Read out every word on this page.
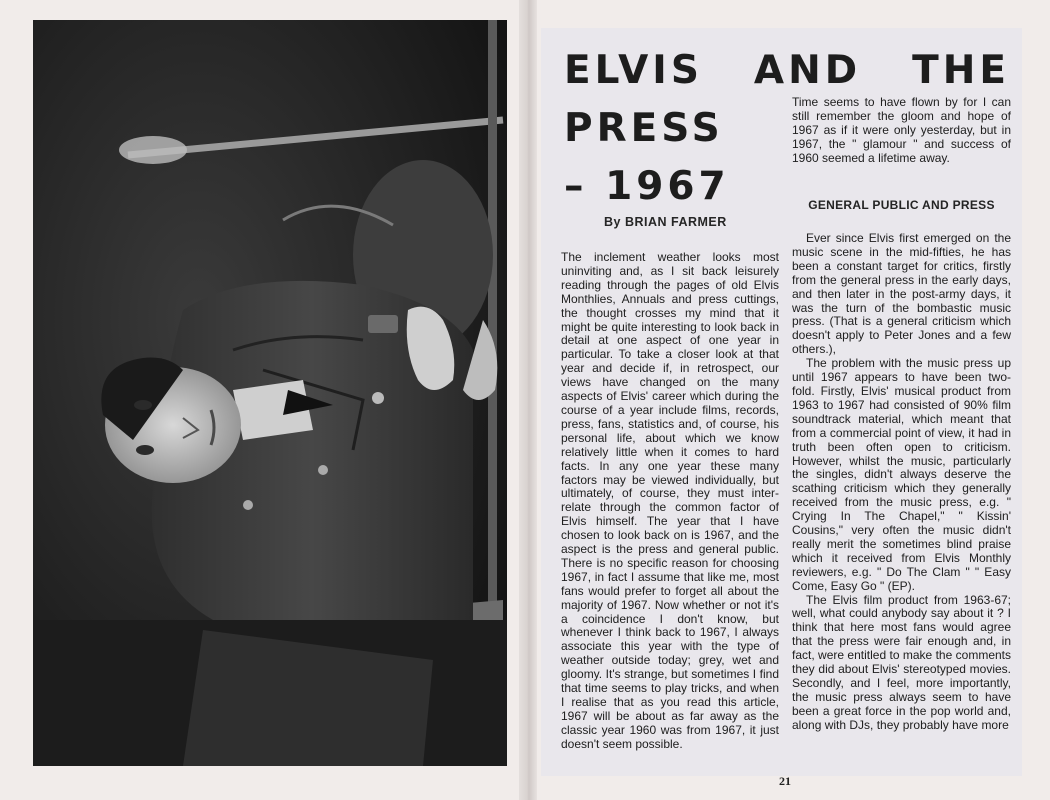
ELVIS AND THE
PRESS
– 1967

By BRIAN FARMER

The inclement weather looks most uninviting and, as I sit back leisurely reading through the pages of old Elvis Monthlies, Annuals and press cuttings, the thought crosses my mind that it might be quite interesting to look back in detail at one aspect of one year in particular. To take a closer look at that year and decide if, in retrospect, our views have changed on the many aspects of Elvis' career which during the course of a year include films, records, press, fans, statistics and, of course, his personal life, about which we know relatively little when it comes to hard facts. In any one year these many factors may be viewed individually, but ultimately, of course, they must inter-relate through the common factor of Elvis himself. The year that I have chosen to look back on is 1967, and the aspect is the press and general public. There is no specific reason for choosing 1967, in fact I assume that like me, most fans would prefer to forget all about the majority of 1967. Now whether or not it's a coincidence I don't know, but whenever I think back to 1967, I always associate this year with the type of weather outside today; grey, wet and gloomy. It's strange, but sometimes I find that time seems to play tricks, and when I realise that as you read this article, 1967 will be about as far away as the classic year 1960 was from 1967, it just doesn't seem possible.

Time seems to have flown by for I can still remember the gloom and hope of 1967 as if it were only yesterday, but in 1967, the " glamour " and success of 1960 seemed a lifetime away.

GENERAL PUBLIC AND PRESS

Ever since Elvis first emerged on the music scene in the mid-fifties, he has been a constant target for critics, firstly from the general press in the early days, and then later in the post-army days, it was the turn of the bombastic music press. (That is a general criticism which doesn't apply to Peter Jones and a few others.),

The problem with the music press up until 1967 appears to have been two-fold. Firstly, Elvis' musical product from 1963 to 1967 had consisted of 90% film soundtrack material, which meant that from a commercial point of view, it had in truth been often open to criticism. However, whilst the music, particularly the singles, didn't always deserve the scathing criticism which they generally received from the music press, e.g. " Crying In The Chapel," " Kissin' Cousins," very often the music didn't really merit the sometimes blind praise which it received from Elvis Monthly reviewers, e.g. " Do The Clam " " Easy Come, Easy Go " (EP).

The Elvis film product from 1963-67; well, what could anybody say about it ? I think that here most fans would agree that the press were fair enough and, in fact, were entitled to make the comments they did about Elvis' stereotyped movies. Secondly, and I feel, more importantly, the music press always seem to have been a great force in the pop world and, along with DJs, they probably have more

21
